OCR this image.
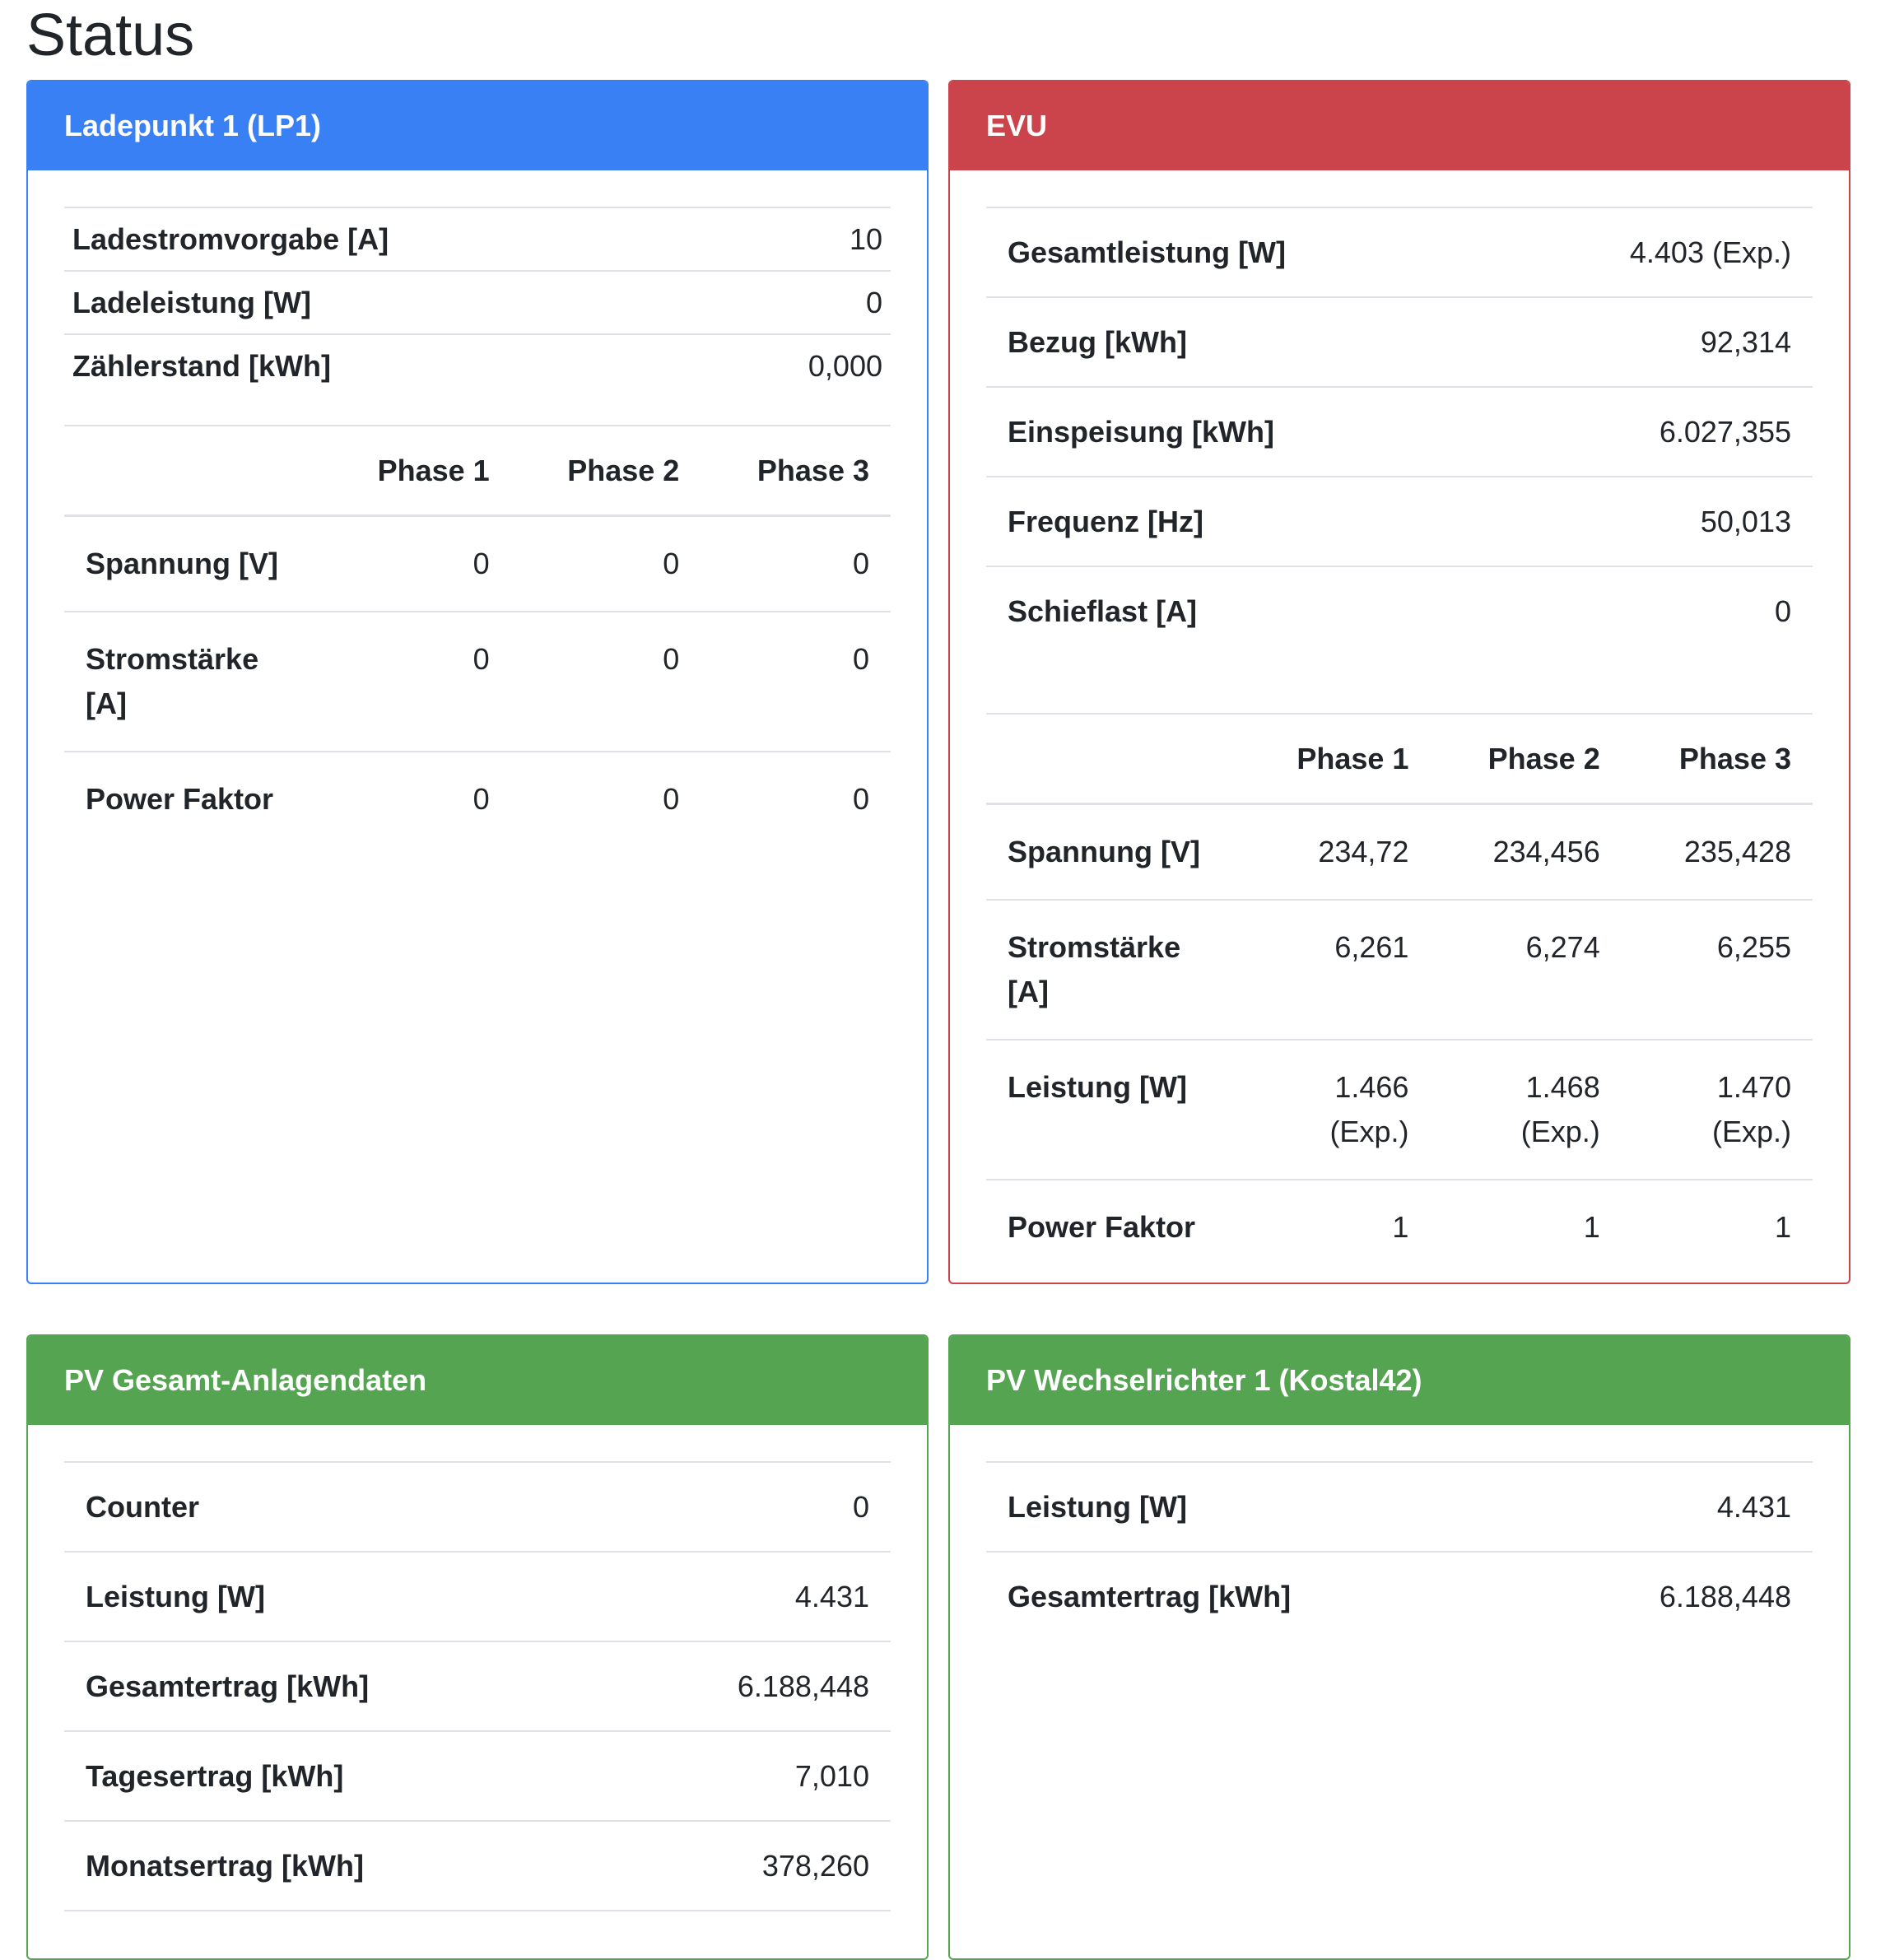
Status
Ladepunkt 1 (LP1)
Ladestromvorgabe [A]	10
Ladeleistung [W]	0
Zählerstand [kWh]	0,000
	Phase 1	Phase 2	Phase 3
Spannung [V]	0	0	0
Stromstärke [A]	0	0	0
Power Faktor	0	0	0
EVU
Gesamtleistung [W]	4.403 (Exp.)
Bezug [kWh]	92,314
Einspeisung [kWh]	6.027,355
Frequenz [Hz]	50,013
Schieflast [A]	0
	Phase 1	Phase 2	Phase 3
Spannung [V]	234,72	234,456	235,428
Stromstärke [A]	6,261	6,274	6,255
Leistung [W]	1.466 (Exp.)	1.468 (Exp.)	1.470 (Exp.)
Power Faktor	1	1	1
PV Gesamt-Anlagendaten
Counter	0
Leistung [W]	4.431
Gesamtertrag [kWh]	6.188,448
Tagesertrag [kWh]	7,010
Monatsertrag [kWh]	378,260
PV Wechselrichter 1 (Kostal42)
Leistung [W]	4.431
Gesamtertrag [kWh]	6.188,448
